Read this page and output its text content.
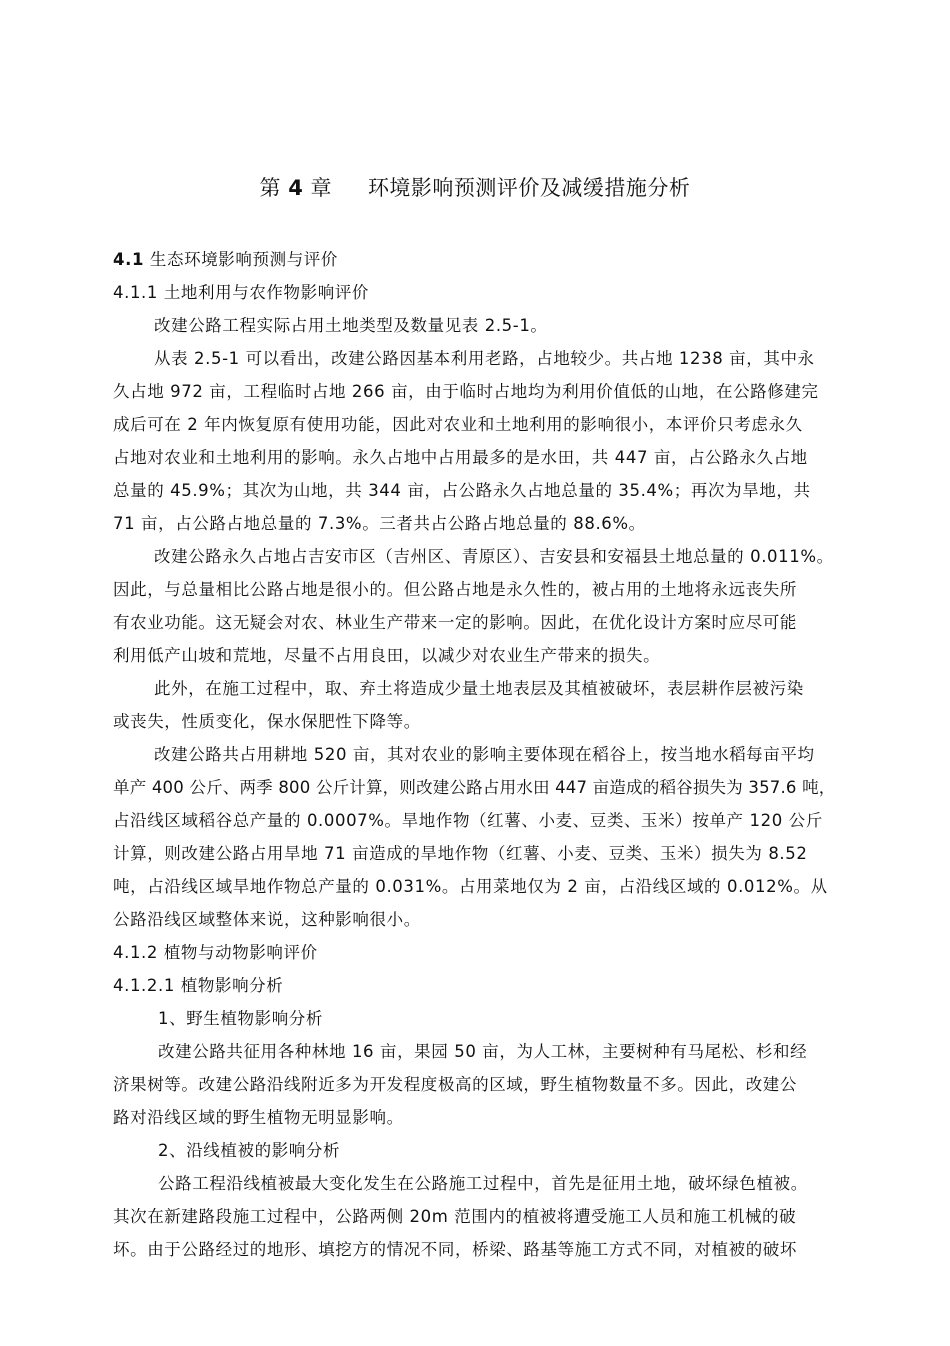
第 4 章 环境影响预测评价及减缓措施分析
4.1 生态环境影响预测与评价
4.1.1 土地利用与农作物影响评价
改建公路工程实际占用土地类型及数量见表 2.5-1。
从表 2.5-1 可以看出，改建公路因基本利用老路，占地较少。共占地 1238 亩，其中永
久占地 972 亩，工程临时占地 266 亩，由于临时占地均为利用价值低的山地，在公路修建完
成后可在 2 年内恢复原有使用功能，因此对农业和土地利用的影响很小，本评价只考虑永久
占地对农业和土地利用的影响。永久占地中占用最多的是水田，共 447 亩，占公路永久占地
总量的 45.9%；其次为山地，共 344 亩，占公路永久占地总量的 35.4%；再次为旱地，共
71 亩，占公路占地总量的 7.3%。三者共占公路占地总量的 88.6%。
改建公路永久占地占吉安市区（吉州区、青原区）、吉安县和安福县土地总量的 0.011%。
因此，与总量相比公路占地是很小的。但公路占地是永久性的，被占用的土地将永远丧失所
有农业功能。这无疑会对农、林业生产带来一定的影响。因此，在优化设计方案时应尽可能
利用低产山坡和荒地，尽量不占用良田，以减少对农业生产带来的损失。
此外，在施工过程中，取、弃土将造成少量土地表层及其植被破坏，表层耕作层被污染
或丧失，性质变化，保水保肥性下降等。
改建公路共占用耕地 520 亩，其对农业的影响主要体现在稻谷上，按当地水稻每亩平均
单产 400 公斤、两季 800 公斤计算，则改建公路占用水田 447 亩造成的稻谷损失为 357.6 吨，
占沿线区域稻谷总产量的 0.0007%。旱地作物（红薯、小麦、豆类、玉米）按单产 120 公斤
计算，则改建公路占用旱地 71 亩造成的旱地作物（红薯、小麦、豆类、玉米）损失为 8.52
吨，占沿线区域旱地作物总产量的 0.031%。占用菜地仅为 2 亩，占沿线区域的 0.012%。从
公路沿线区域整体来说，这种影响很小。
4.1.2 植物与动物影响评价
4.1.2.1 植物影响分析
1、野生植物影响分析
改建公路共征用各种林地 16 亩，果园 50 亩，为人工林，主要树种有马尾松、杉和经
济果树等。改建公路沿线附近多为开发程度极高的区域，野生植物数量不多。因此，改建公
路对沿线区域的野生植物无明显影响。
2、沿线植被的影响分析
公路工程沿线植被最大变化发生在公路施工过程中，首先是征用土地，破坏绿色植被。
其次在新建路段施工过程中，公路两侧 20m 范围内的植被将遭受施工人员和施工机械的破
坏。由于公路经过的地形、填挖方的情况不同，桥梁、路基等施工方式不同，对植被的破坏
